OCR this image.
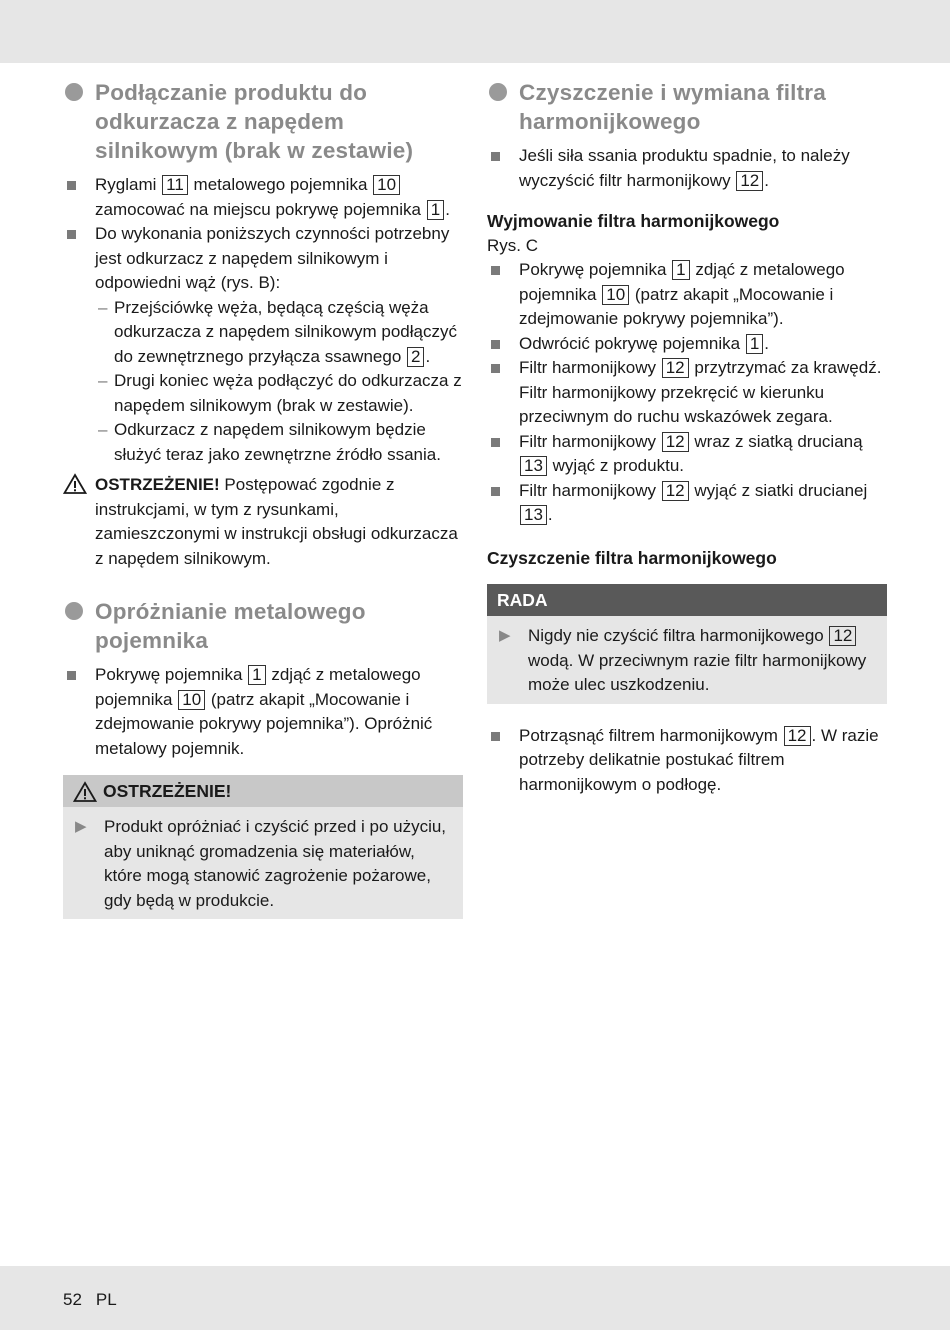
Podłączanie produktu do odkurzacza z napędem silnikowym (brak w zestawie)
Ryglami 11 metalowego pojemnika 10 zamocować na miejscu pokrywę pojemnika 1 .
Do wykonania poniższych czynności potrzebny jest odkurzacz z napędem silnikowym i odpowiedni wąż (rys. B):
– Przejściówkę węża, będącą częścią węża odkurzacza z napędem silnikowym podłączyć do zewnętrznego przyłącza ssawnego 2 .
– Drugi koniec węża podłączyć do odkurzacza z napędem silnikowym (brak w zestawie).
– Odkurzacz z napędem silnikowym będzie służyć teraz jako zewnętrzne źródło ssania.
OSTRZEŻENIE! Postępować zgodnie z instrukcjami, w tym z rysunkami, zamieszczonymi w instrukcji obsługi odkurzacza z napędem silnikowym.
Opróżnianie metalowego pojemnika
Pokrywę pojemnika 1 zdjąć z metalowego pojemnika 10 (patrz akapit „Mocowanie i zdejmowanie pokrywy pojemnika”). Opróżnić metalowy pojemnik.
OSTRZEŻENIE!
▶ Produkt opróżniać i czyścić przed i po użyciu, aby uniknąć gromadzenia się materiałów, które mogą stanowić zagrożenie pożarowe, gdy będą w produkcie.
Czyszczenie i wymiana filtra harmonijkowego
Jeśli siła ssania produktu spadnie, to należy wyczyścić filtr harmonijkowy 12 .
Wyjmowanie filtra harmonijkowego
Rys. C
Pokrywę pojemnika 1 zdjąć z metalowego pojemnika 10 (patrz akapit „Mocowanie i zdejmowanie pokrywy pojemnika”).
Odwrócić pokrywę pojemnika 1 .
Filtr harmonijkowy 12 przytrzymać za krawędź. Filtr harmonijkowy przekręcić w kierunku przeciwnym do ruchu wskazówek zegara.
Filtr harmonijkowy 12 wraz z siatką drucianą 13 wyjąć z produktu.
Filtr harmonijkowy 12 wyjąć z siatki drucianej 13 .
Czyszczenie filtra harmonijkowego
RADA
▶ Nigdy nie czyścić filtra harmonijkowego 12 wodą. W przeciwnym razie filtr harmonijkowy może ulec uszkodzeniu.
Potrząsnąć filtrem harmonijkowym 12 . W razie potrzeby delikatnie postukać filtrem harmonijkowym o podłogę.
52 PL
